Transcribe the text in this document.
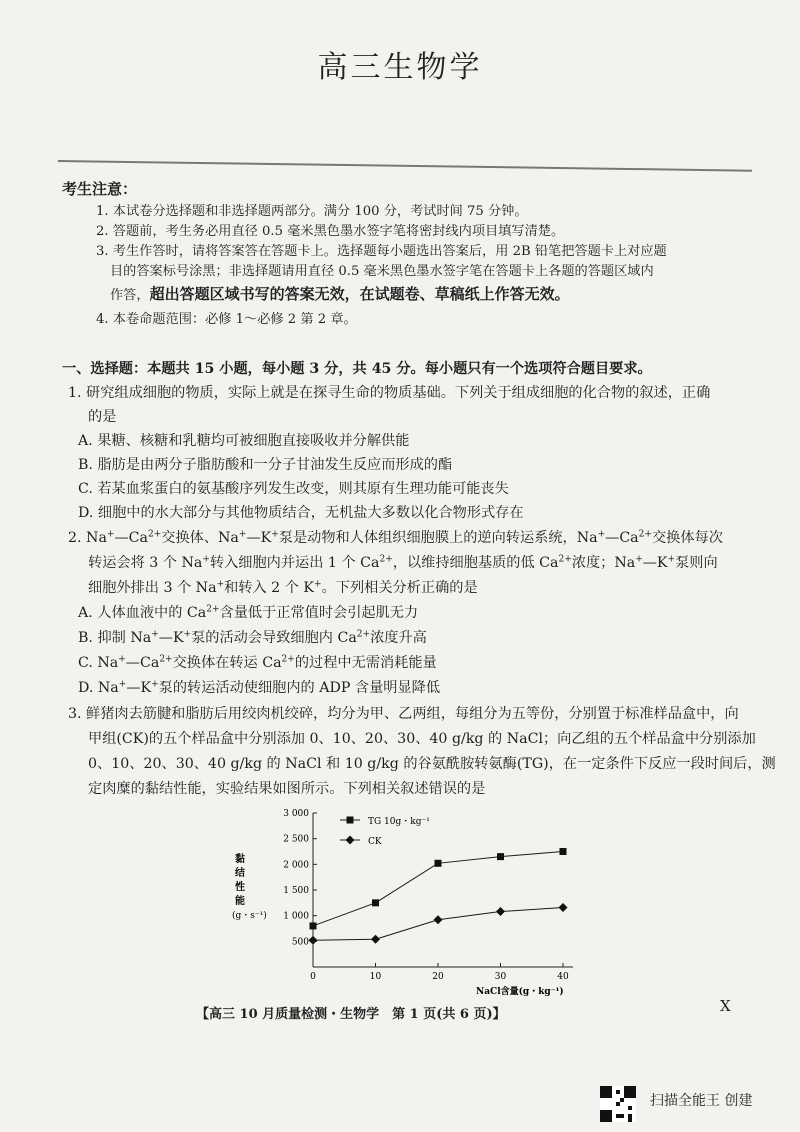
高三生物学
考生注意：
1. 本试卷分选择题和非选择题两部分。满分 100 分，考试时间 75 分钟。
2. 答题前，考生务必用直径 0.5 毫米黑色墨水签字笔将密封线内项目填写清楚。
3. 考生作答时，请将答案答在答题卡上。选择题每小题选出答案后，用 2B 铅笔把答题卡上对应题
目的答案标号涂黑；非选择题请用直径 0.5 毫米黑色墨水签字笔在答题卡上各题的答题区域内
作答，超出答题区域书写的答案无效，在试题卷、草稿纸上作答无效。
4. 本卷命题范围：必修 1～必修 2 第 2 章。
一、选择题：本题共 15 小题，每小题 3 分，共 45 分。每小题只有一个选项符合题目要求。
1. 研究组成细胞的物质，实际上就是在探寻生命的物质基础。下列关于组成细胞的化合物的叙述，正确
的是
A. 果糖、核糖和乳糖均可被细胞直接吸收并分解供能
B. 脂肪是由两分子脂肪酸和一分子甘油发生反应而形成的酯
C. 若某血浆蛋白的氨基酸序列发生改变，则其原有生理功能可能丧失
D. 细胞中的水大部分与其他物质结合，无机盐大多数以化合物形式存在
2. $Na^+—Ca^{2+}$交换体、Na+—K+泵是动物和人体组织细胞膜上的逆向转运系统，$Na^+—Ca^{2+}$交换体每次
转运会将 3 个 Na+转入细胞内并运出 1 个 $Ca^{2+}$，以维持细胞基质的低 $Ca^{2+}$浓度；Na+—K+泵则向
细胞外排出 3 个 Na+和转入 2 个 K+。下列相关分析正确的是
A. 人体血液中的 $Ca^{2+}$含量低于正常值时会引起肌无力
B. 抑制 Na+—K+泵的活动会导致细胞内 $Ca^{2+}$浓度升高
C. $Na^+—Ca^{2+}$交换体在转运 $Ca^{2+}$的过程中无需消耗能量
D. Na+—K+泵的转运活动使细胞内的 ADP 含量明显降低
3. 鲜猪肉去筋腱和脂肪后用绞肉机绞碎，均分为甲、乙两组，每组分为五等份，分别置于标准样品盒中，向
甲组(CK)的五个样品盒中分别添加 0、10、20、30、40 g/kg 的 NaCl；向乙组的五个样品盒中分别添加
0、10、20、30、40 g/kg 的 NaCl 和 10 g/kg 的谷氨酰胺转氨酶(TG)，在一定条件下反应一段时间后，测
定肉糜的黏结性能，实验结果如图所示。下列相关叙述错误的是
500
1 000
1 500
2 000
2 500
3 000
0	10	20	30	40
黏
结
性
能
(g・s⁻¹)
NaCl含量(g・kg⁻¹)
TG 10g・kg⁻¹
CK
【高三 10 月质量检测・生物学　第 1 页(共 6 页)】	X
扫描全能王 创建
